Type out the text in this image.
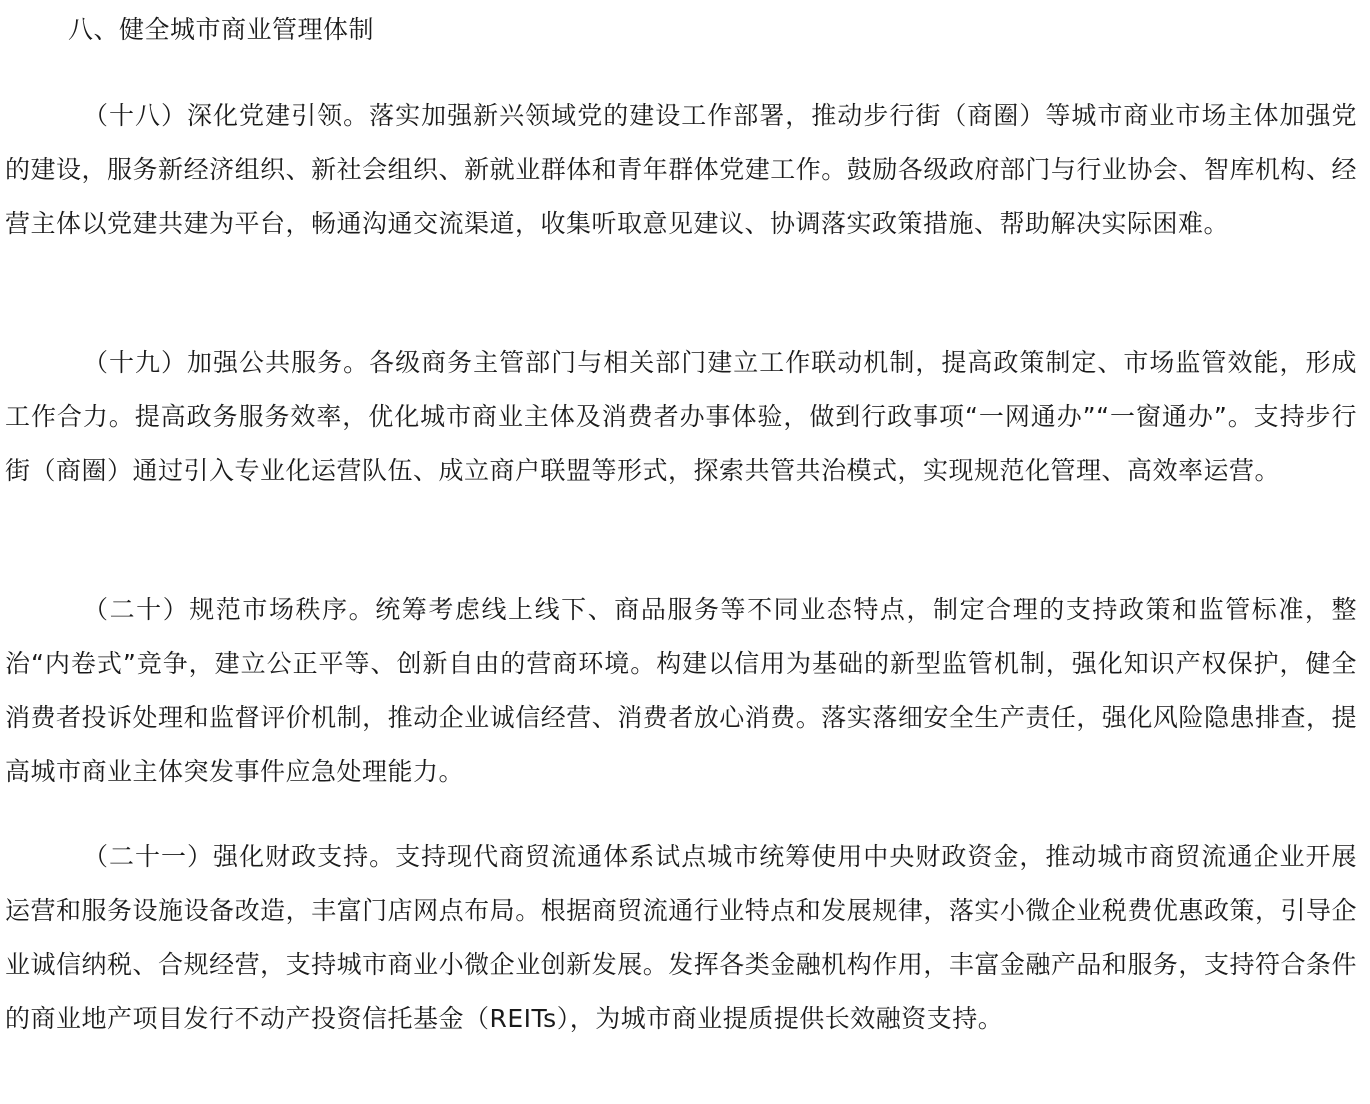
八、健全城市商业管理体制

（十八）深化党建引领。落实加强新兴领域党的建设工作部署，推动步行街（商圈）等城市商业市场主体加强党的建设，服务新经济组织、新社会组织、新就业群体和青年群体党建工作。鼓励各级政府部门与行业协会、智库机构、经营主体以党建共建为平台，畅通沟通交流渠道，收集听取意见建议、协调落实政策措施、帮助解决实际困难。

（十九）加强公共服务。各级商务主管部门与相关部门建立工作联动机制，提高政策制定、市场监管效能，形成工作合力。提高政务服务效率，优化城市商业主体及消费者办事体验，做到行政事项“一网通办”“一窗通办”。支持步行街（商圈）通过引入专业化运营队伍、成立商户联盟等形式，探索共管共治模式，实现规范化管理、高效率运营。

（二十）规范市场秩序。统筹考虑线上线下、商品服务等不同业态特点，制定合理的支持政策和监管标准，整治“内卷式”竞争，建立公正平等、创新自由的营商环境。构建以信用为基础的新型监管机制，强化知识产权保护，健全消费者投诉处理和监督评价机制，推动企业诚信经营、消费者放心消费。落实落细安全生产责任，强化风险隐患排查，提高城市商业主体突发事件应急处理能力。

（二十一）强化财政支持。支持现代商贸流通体系试点城市统筹使用中央财政资金，推动城市商贸流通企业开展运营和服务设施设备改造，丰富门店网点布局。根据商贸流通行业特点和发展规律，落实小微企业税费优惠政策，引导企业诚信纳税、合规经营，支持城市商业小微企业创新发展。发挥各类金融机构作用，丰富金融产品和服务，支持符合条件的商业地产项目发行不动产投资信托基金（REITs），为城市商业提质提供长效融资支持。
